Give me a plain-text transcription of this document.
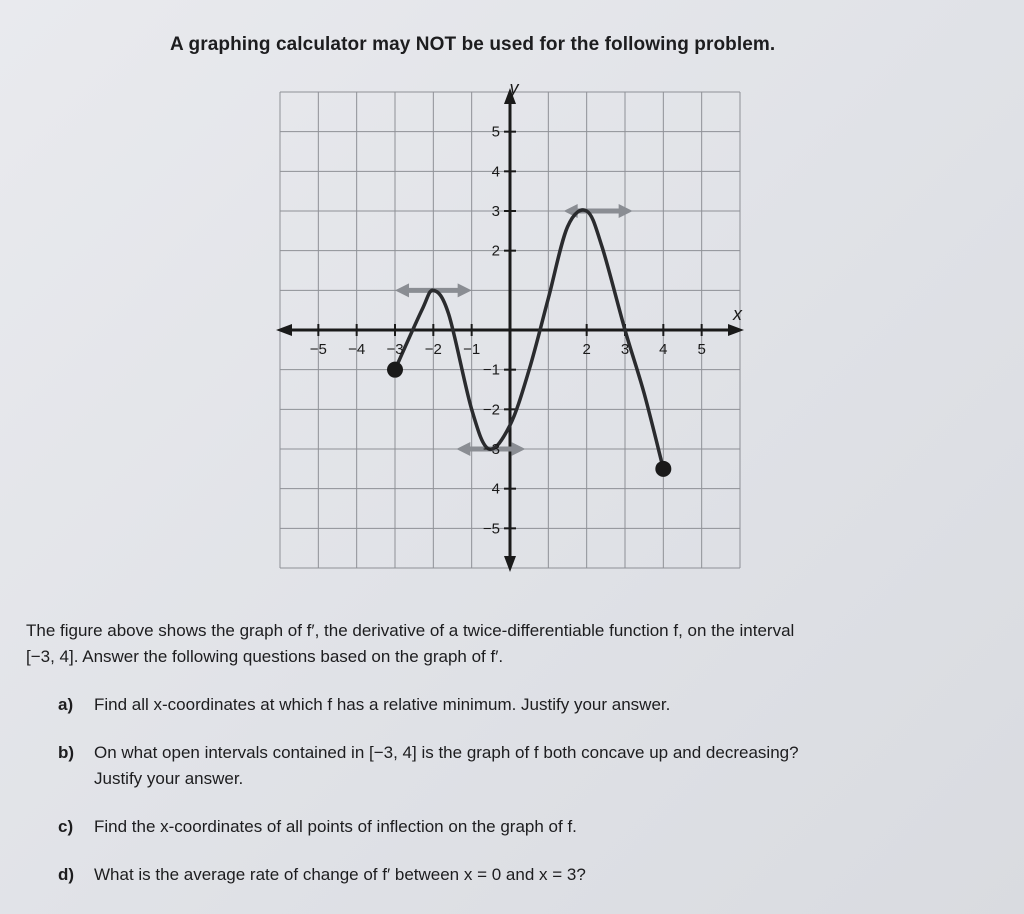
A graphing calculator may NOT be used for the following problem.
x
y
−5 −4 −3 −2 −1	2 3 4 5
5
4
3
2
−1
−2
−3
4
−5
The figure above shows the graph of f′, the derivative of a twice-differentiable function f, on the interval
[−3, 4]. Answer the following questions based on the graph of f′.
a)	Find all x-coordinates at which f has a relative minimum. Justify your answer.
b)	On what open intervals contained in [−3, 4] is the graph of f both concave up and decreasing?
Justify your answer.
c)	Find the x-coordinates of all points of inflection on the graph of f.
d)	What is the average rate of change of f′ between x = 0 and x = 3?
